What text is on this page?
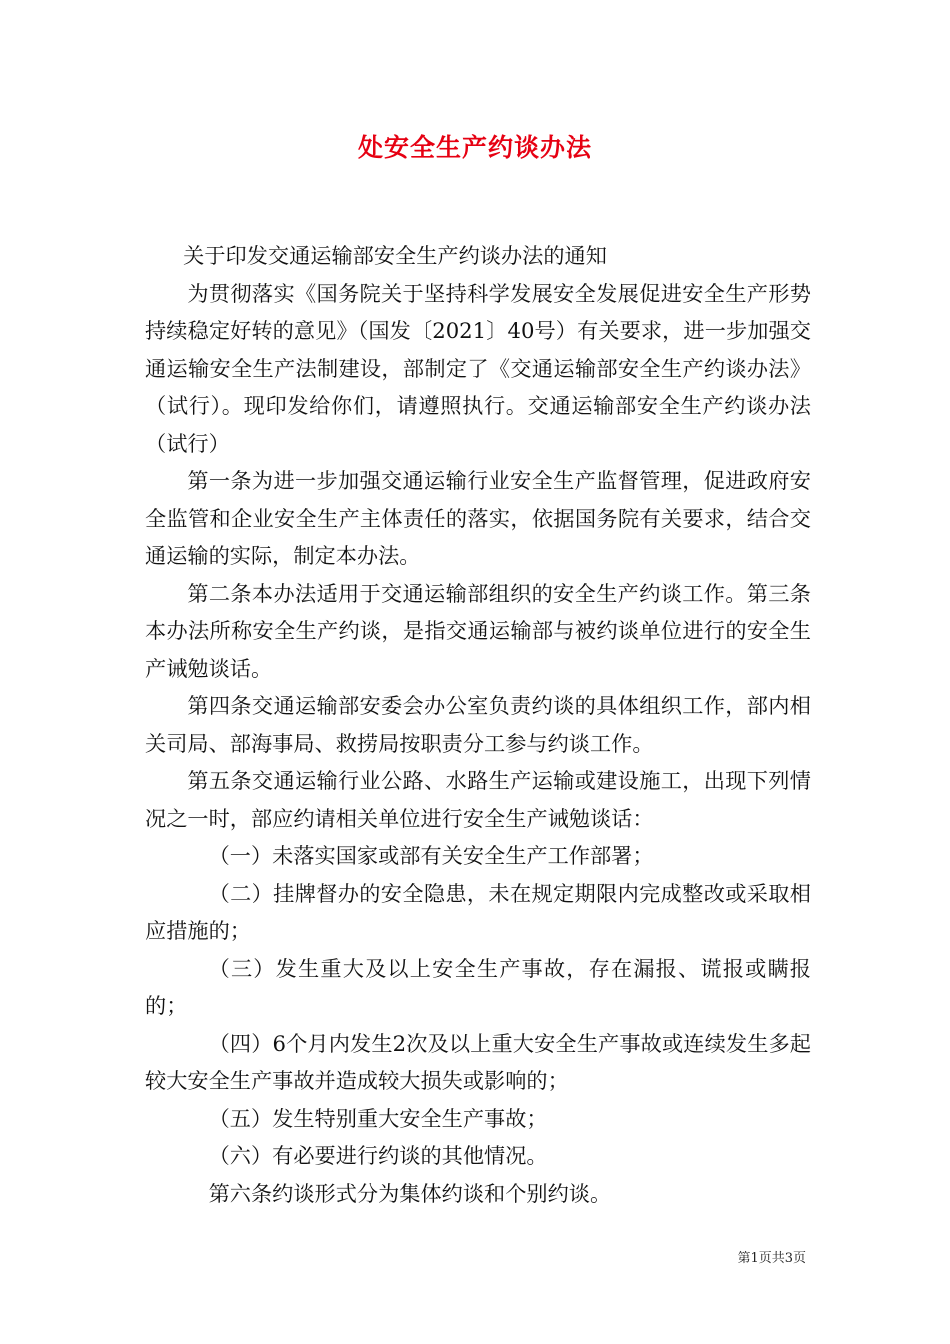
处安全生产约谈办法

关于印发交通运输部安全生产约谈办法的通知

为贯彻落实《国务院关于坚持科学发展安全发展促进安全生产形势持续稳定好转的意见》（国发〔2021〕40号）有关要求，进一步加强交通运输安全生产法制建设，部制定了《交通运输部安全生产约谈办法》（试行）。现印发给你们，请遵照执行。交通运输部安全生产约谈办法（试行）

第一条为进一步加强交通运输行业安全生产监督管理，促进政府安全监管和企业安全生产主体责任的落实，依据国务院有关要求，结合交通运输的实际，制定本办法。

第二条本办法适用于交通运输部组织的安全生产约谈工作。第三条本办法所称安全生产约谈，是指交通运输部与被约谈单位进行的安全生产诫勉谈话。

第四条交通运输部安委会办公室负责约谈的具体组织工作，部内相关司局、部海事局、救捞局按职责分工参与约谈工作。

第五条交通运输行业公路、水路生产运输或建设施工，出现下列情况之一时，部应约请相关单位进行安全生产诫勉谈话：

（一）未落实国家或部有关安全生产工作部署；

（二）挂牌督办的安全隐患，未在规定期限内完成整改或采取相应措施的；

（三）发生重大及以上安全生产事故，存在漏报、谎报或瞒报的；

（四）6个月内发生2次及以上重大安全生产事故或连续发生多起较大安全生产事故并造成较大损失或影响的；

（五）发生特别重大安全生产事故；

（六）有必要进行约谈的其他情况。

第六条约谈形式分为集体约谈和个别约谈。

第1页共3页
